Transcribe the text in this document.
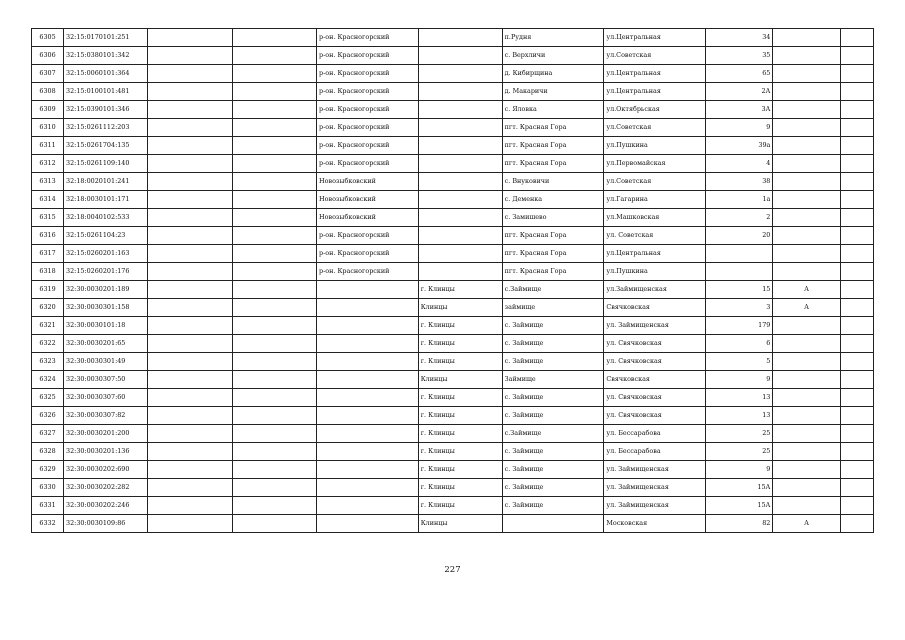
6305	32:15:0170101:251			р-он. Красногорский		п.Рудня	ул.Центральная	34		
6306	32:15:0380101:342			р-он. Красногорский		с. Верхличи	ул.Советская	35		
6307	32:15:0060101:364			р-он. Красногорский		д. Кибирщина	ул.Центральная	65		
6308	32:15:0100101:481			р-он. Красногорский		д. Макаричи	ул.Центральная	2А		
6309	32:15:0390101:346			р-он. Красногорский		с. Яловка	ул.Октябрьская	3А		
6310	32:15:0261112:203			р-он. Красногорский		пгт. Красная Гора	ул.Советская	9		
6311	32:15:0261704:135			р-он. Красногорский		пгт. Красная Гора	ул.Пушкина	39а		
6312	32:15:0261109:140			р-он. Красногорский		пгт. Красная Гора	ул.Первомайская	4		
6313	32:18:0020101:241			Новозыбковский		с. Внуковичи	ул.Советская	38		
6314	32:18:0030101:171			Новозыбковский		с. Деменка	ул.Гагарина	1а		
6315	32:18:0040102:533			Новозыбковский		с. Замишево	ул.Машковская	2		
6316	32:15:0261104:23			р-он. Красногорский		пгт. Красная Гора	ул. Советская	20		
6317	32:15:0260201:163			р-он. Красногорский		пгт. Красная Гора	ул.Центральная			
6318	32:15:0260201:176			р-он. Красногорский		пгт. Красная Гора	ул.Пушкина			
6319	32:30:0030201:189				г. Клинцы	с.Займище	ул.Займищенская	15	А	
6320	32:30:0030301:158				Клинцы	займище	Свячковская	3	А	
6321	32:30:0030101:18				г. Клинцы	с. Займище	ул. Займищенская	179		
6322	32:30:0030201:65				г. Клинцы	с. Займище	ул. Свячковская	6		
6323	32:30:0030301:49				г. Клинцы	с. Займище	ул. Свячковская	5		
6324	32:30:0030307:50				Клинцы	Займище	Свячковская	9		
6325	32:30:0030307:60				г. Клинцы	с. Займище	ул. Свячковская	13		
6326	32:30:0030307:82				г. Клинцы	с. Займище	ул. Свячковская	13		
6327	32:30:0030201:200				г. Клинцы	с.Займище	ул. Бессарабова	25		
6328	32:30:0030201:136				г. Клинцы	с. Займище	ул. Бессарабова	25		
6329	32:30:0030202:690				г. Клинцы	с. Займище	ул. Займищенская	9		
6330	32:30:0030202:282				г. Клинцы	с. Займище	ул. Займищенская	15А		
6331	32:30:0030202:246				г. Клинцы	с. Займище	ул. Займищенская	15А		
6332	32:30:0030109:86				Клинцы		Московская	82	А	
227
